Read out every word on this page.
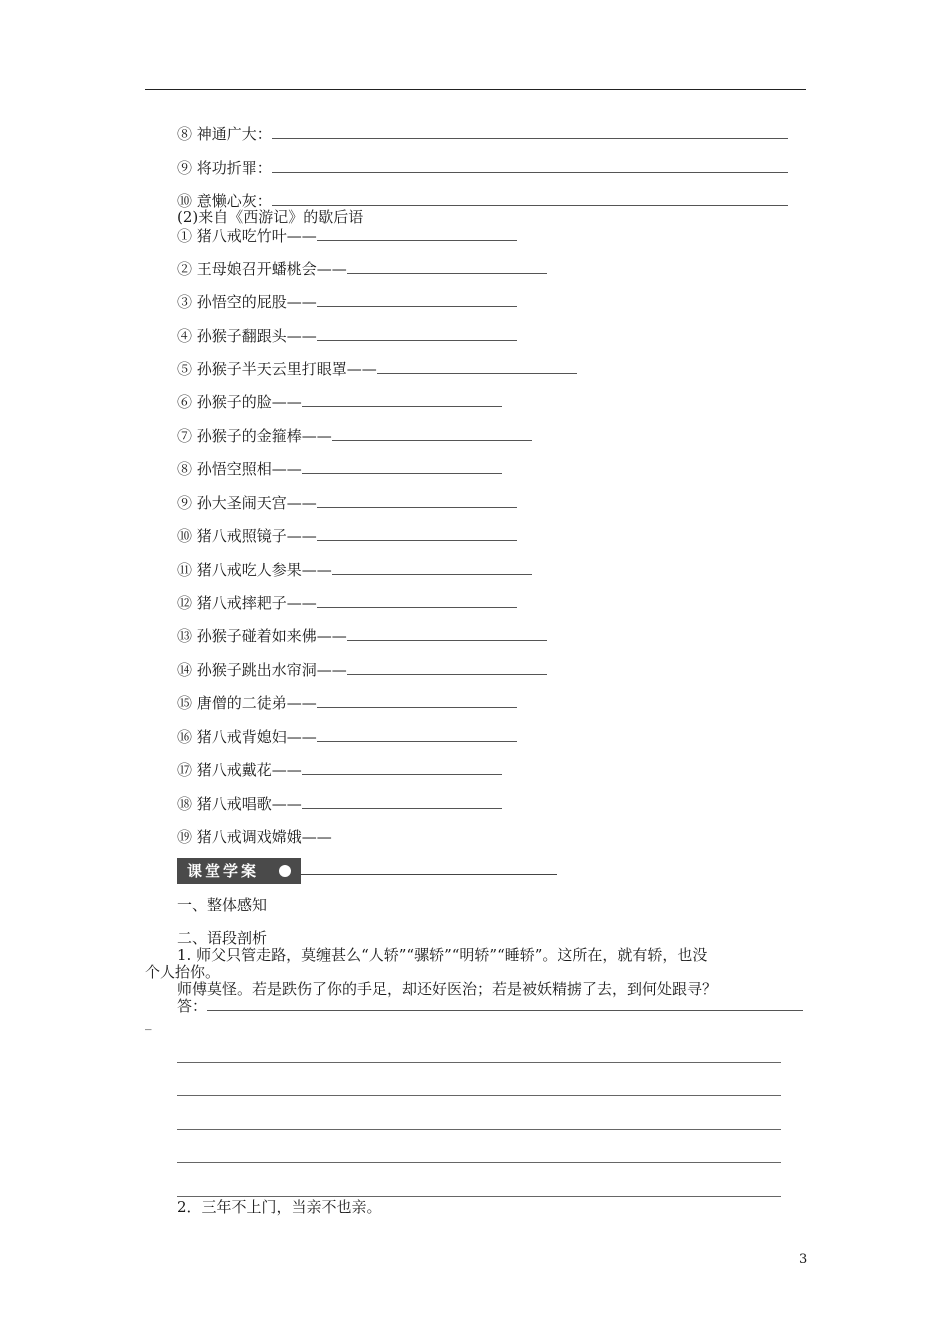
⑧ 神通广大：
⑨ 将功折罪：
⑩ 意懒心灰：
(2)来自《西游记》的歇后语
① 猪八戒吃竹叶——
② 王母娘召开蟠桃会——
③ 孙悟空的屁股——
④ 孙猴子翻跟头——
⑤ 孙猴子半天云里打眼罩——
⑥ 孙猴子的脸——
⑦ 孙猴子的金箍棒——
⑧ 孙悟空照相——
⑨ 孙大圣闹天宫——
⑩ 猪八戒照镜子——
⑪ 猪八戒吃人参果——
⑫ 猪八戒摔耙子——
⑬ 孙猴子碰着如来佛——
⑭ 孙猴子跳出水帘洞——
⑮ 唐僧的二徒弟——
⑯ 猪八戒背媳妇——
⑰ 猪八戒戴花——
⑱ 猪八戒唱歌——
⑲ 猪八戒调戏嫦娥——
课堂学案
一、整体感知
二、语段剖析
1. 师父只管走路，莫缠甚么“人轿”“骡轿”“明轿”“睡轿”。这所在，就有轿，也没
个人抬你。
师傅莫怪。若是跌伤了你的手足，却还好医治；若是被妖精掳了去，到何处跟寻？
答：
_
2．三年不上门，当亲不也亲。
3
